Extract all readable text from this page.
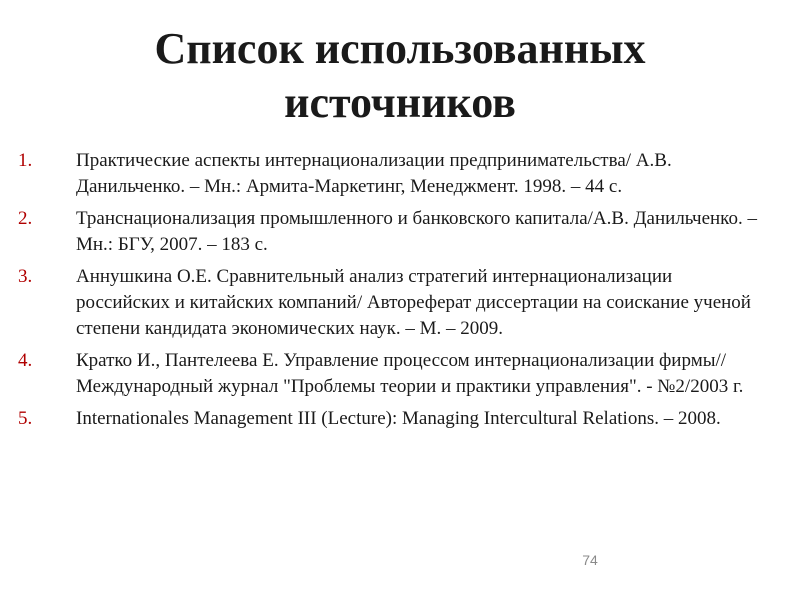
Список использованных
источников
1. Практические аспекты интернационализации предпринимательства/ А.В. Данильченко. – Мн.: Армита-Маркетинг, Менеджмент. 1998. – 44 с.
2. Транснационализация промышленного и банковского капитала/А.В. Данильченко. – Мн.: БГУ, 2007. – 183 с.
3. Аннушкина О.Е. Сравнительный анализ стратегий интернационализации российских и китайских компаний/ Автореферат диссертации на соискание ученой степени кандидата экономических наук. – М. – 2009.
4. Кратко И., Пантелеева Е. Управление процессом интернационализации фирмы// Международный журнал "Проблемы теории и практики управления". - №2/2003 г.
5. Internationales Management III (Lecture): Managing Intercultural Relations. – 2008.
74
